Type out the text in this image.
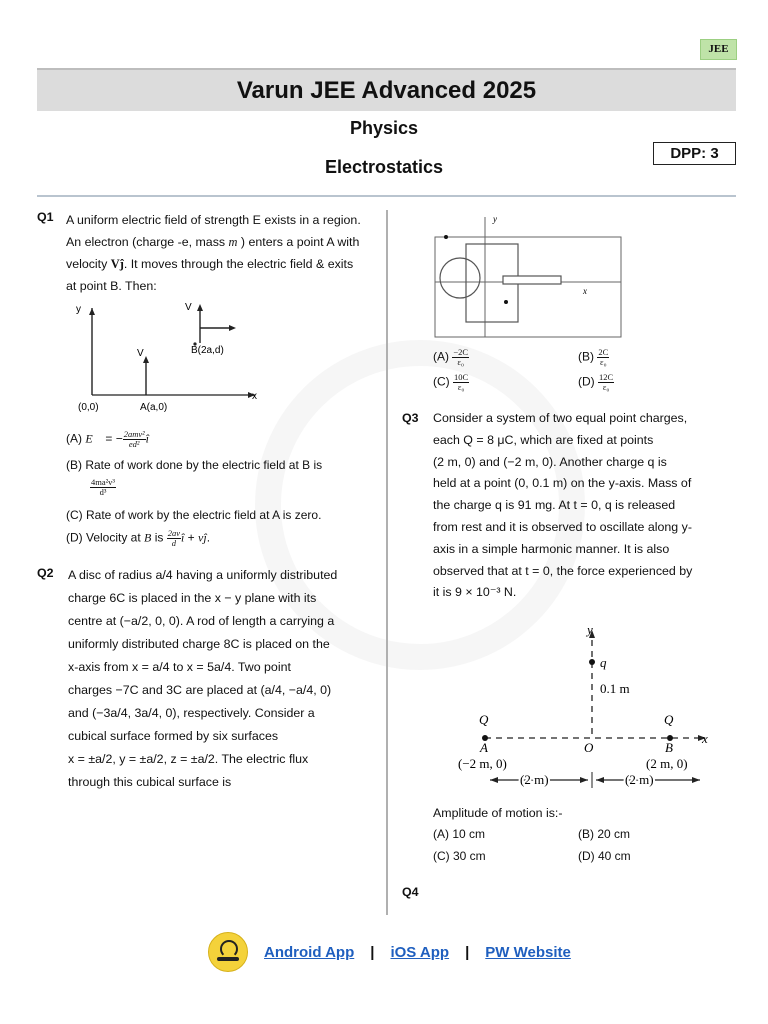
JEE
Varun JEE Advanced 2025
Physics
Electrostatics
DPP: 3
Q1 A uniform electric field of strength E exists in a region. An electron (charge -e, mass m ) enters a point A with velocity Vĵ. It moves through the electric field & exits at point B. Then:
y
x
(0,0)	A(a,0)
B(2a,d)
V
V
(A) E⃗ = − $\frac{\text{2amv²}}{\text{ed²}}$ î
(B) Rate of work done by the electric field at B is
$\frac{\text{4ma²v³}}{\text{d³}}$
(C) Rate of work by the electric field at A is zero.
(D) Velocity at B is $\frac{2av}{d}$ î + vĵ.
Q2 A disc of radius a/4 having a uniformly distributed
charge 6C is placed in the x − y plane with its
centre at (−a/2, 0, 0). A rod of length a carrying a
uniformly distributed charge 8C is placed on the
x-axis from x = a/4 to x = 5a/4. Two point
charges −7C and 3C are placed at (a/4, −a/4, 0)
and (−3a/4, 3a/4, 0), respectively. Consider a
cubical surface formed by six surfaces
x = ±a/2, y = ±a/2, z = ±a/2. The electric flux
through this cubical surface is
y
x
$(A) \frac{-2C}{\text{ε₀}}$	$(B) \frac{2C}{\text{ε₀}}$
$(C) \frac{10C}{\text{ε₀}}$	$(D) \frac{12C}{\text{ε₀}}$
Q3 Consider a system of two equal point charges,
each Q = 8 μC, which are fixed at points
(2 m, 0) and (−2 m, 0). Another charge q is
held at a point (0, 0.1 m) on the y-axis. Mass of
the charge q is 91 mg. At t = 0, q is released
from rest and it is observed to oscillate along y-
axis in a simple harmonic manner. It is also
observed that at t = 0, the force experienced by
it is 9 × 10⁻³ N.
y
q
0.1 m
Q	Q
x
A	O	B
(−2 m, 0)	(2 m, 0)
(2 m)	(2 m)
Amplitude of motion is:-
(A) 10 cm	(B) 20 cm
(C) 30 cm	(D) 40 cm
Q4
Android App | iOS App | PW Website
